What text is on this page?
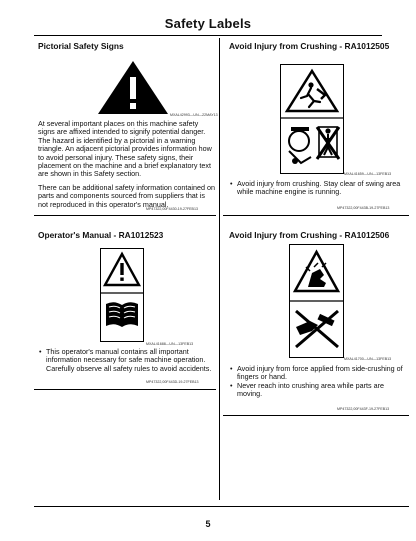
Safety Labels
Pictorial Safety Signs
MXAL42993—UN—22MAY13

At several important places on this machine safety signs are affixed intended to signify potential danger. The hazard is identified by a pictorial in a warning triangle. An adjacent pictorial provides information how to avoid personal injury. These safety signs, their placement on the machine and a brief explanatory text are shown in this Safety section.

There can be additional safety information contained on parts and components sourced from suppliers that is not reproduced in this operator's manual.

MP47322,00F4430-19-27FEB13
Avoid Injury from Crushing - RA1012505
MXAL41659—UN—13FEB13
• Avoid injury from crushing. Stay clear of swing area while machine engine is running.
MP47322,00F443B-19-27FEB13
Operator's Manual - RA1012523
MXAL41688—UN—13FEB13
• This operator's manual contains all important information necessary for safe machine operation. Carefully observe all safety rules to avoid accidents.
MP47322,00F443D-19-27FEB13
Avoid Injury from Crushing - RA1012506
MXAL41700—UN—13FEB13
• Avoid injury from force applied from side-crushing of fingers or hand.
• Never reach into crushing area while parts are moving.
MP47322,00F443F-19-27FEB13
5
